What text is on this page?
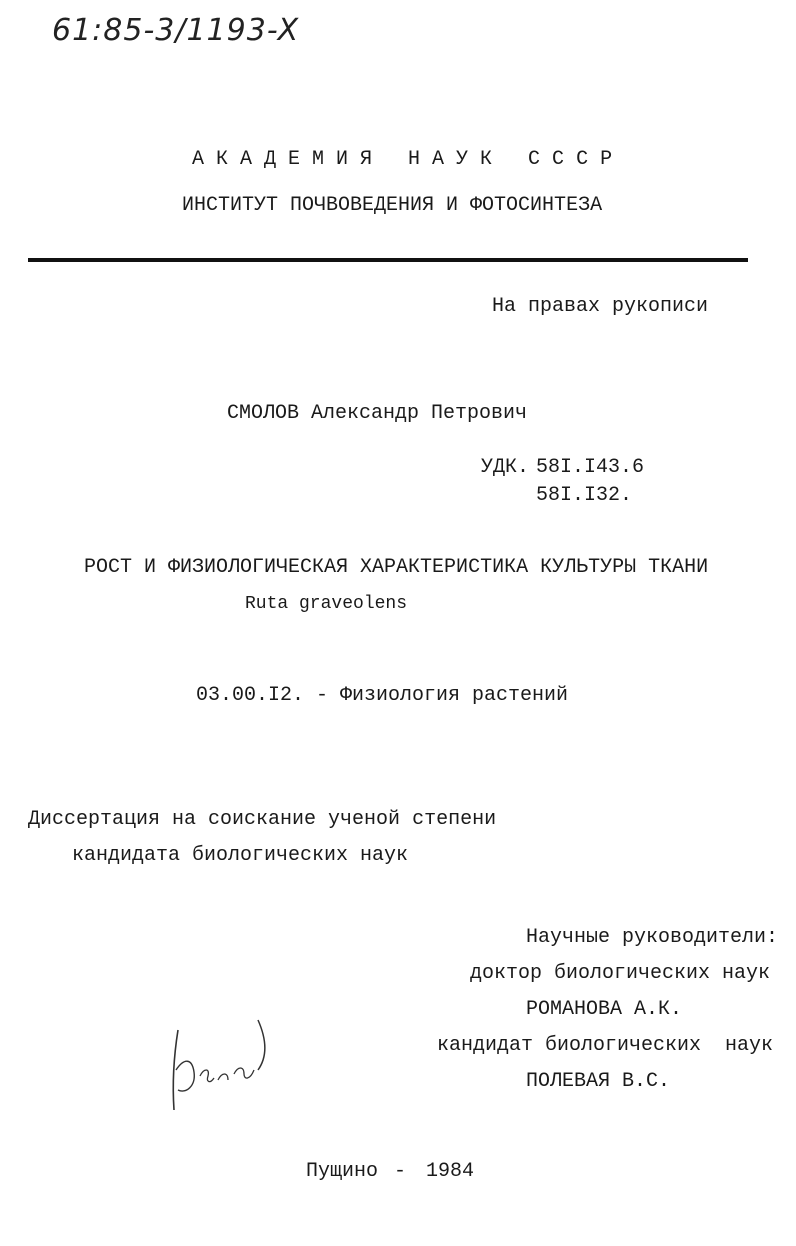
61:85-3/1193-X
А К А Д Е М И Я   Н А У К   С С С Р
ИНСТИТУТ ПОЧВОВЕДЕНИЯ И ФОТОСИНТЕЗА
На правах рукописи
СМОЛОВ Александр Петрович
УДК. 58I.I43.6
58I.I32.
РОСТ И ФИЗИОЛОГИЧЕСКАЯ ХАРАКТЕРИСТИКА КУЛЬТУРЫ ТКАНИ
Ruta graveolens
03.00.I2. - Физиология растений
Диссертация на соискание ученой степени
кандидата биологических наук
Научные руководители:
доктор биологических наук
РОМАНОВА А.К.
кандидат биологических  наук
ПОЛЕВАЯ В.С.
Пущино - 1984
